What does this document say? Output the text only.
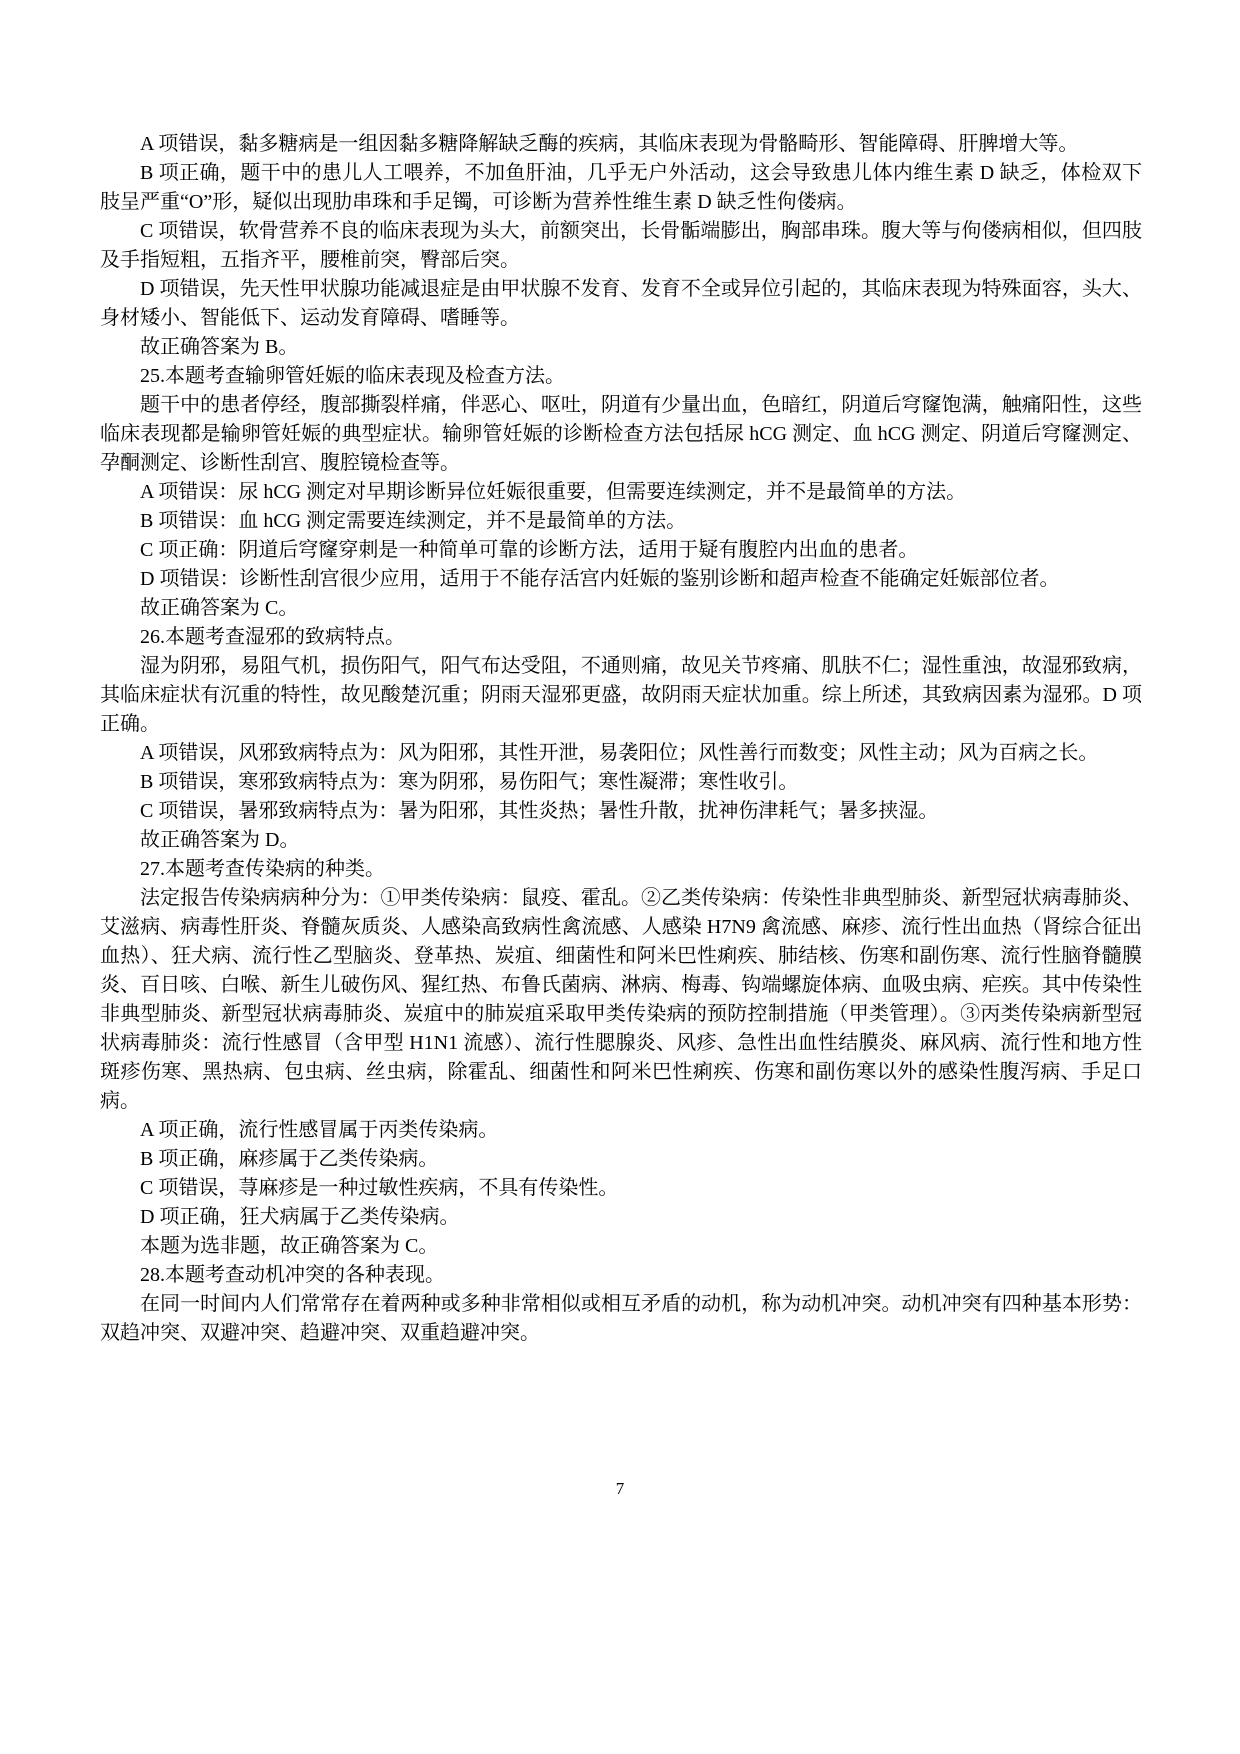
A 项错误，黏多糖病是一组因黏多糖降解缺乏酶的疾病，其临床表现为骨骼畸形、智能障碍、肝脾增大等。

B 项正确，题干中的患儿人工喂养，不加鱼肝油，几乎无户外活动，这会导致患儿体内维生素 D 缺乏，体检双下肢呈严重“O”形，疑似出现肋串珠和手足镯，可诊断为营养性维生素 D 缺乏性佝偻病。

C 项错误，软骨营养不良的临床表现为头大，前额突出，长骨骺端膨出，胸部串珠。腹大等与佝偻病相似，但四肢及手指短粗，五指齐平，腰椎前突，臀部后突。

D 项错误，先天性甲状腺功能减退症是由甲状腺不发育、发育不全或异位引起的，其临床表现为特殊面容，头大、身材矮小、智能低下、运动发育障碍、嗜睡等。

故正确答案为 B。

25.本题考查输卵管妊娠的临床表现及检查方法。

题干中的患者停经，腹部撕裂样痛，伴恶心、呕吐，阴道有少量出血，色暗红，阴道后穹窿饱满，触痛阳性，这些临床表现都是输卵管妊娠的典型症状。输卵管妊娠的诊断检查方法包括尿 hCG 测定、血 hCG 测定、阴道后穹窿测定、孕酮测定、诊断性刮宫、腹腔镜检查等。

A 项错误：尿 hCG 测定对早期诊断异位妊娠很重要，但需要连续测定，并不是最简单的方法。

B 项错误：血 hCG 测定需要连续测定，并不是最简单的方法。

C 项正确：阴道后穹窿穿刺是一种简单可靠的诊断方法，适用于疑有腹腔内出血的患者。

D 项错误：诊断性刮宫很少应用，适用于不能存活宫内妊娠的鉴别诊断和超声检查不能确定妊娠部位者。

故正确答案为 C。

26.本题考查湿邪的致病特点。

湿为阴邪，易阻气机，损伤阳气，阳气布达受阻，不通则痛，故见关节疼痛、肌肤不仁；湿性重浊，故湿邪致病，其临床症状有沉重的特性，故见酸楚沉重；阴雨天湿邪更盛，故阴雨天症状加重。综上所述，其致病因素为湿邪。D 项正确。

A 项错误，风邪致病特点为：风为阳邪，其性开泄，易袭阳位；风性善行而数变；风性主动；风为百病之长。

B 项错误，寒邪致病特点为：寒为阴邪，易伤阳气；寒性凝滞；寒性收引。

C 项错误，暑邪致病特点为：暑为阳邪，其性炎热；暑性升散，扰神伤津耗气；暑多挟湿。

故正确答案为 D。

27.本题考查传染病的种类。

法定报告传染病病种分为：①甲类传染病：鼠疫、霍乱。②乙类传染病：传染性非典型肺炎、新型冠状病毒肺炎、艾滋病、病毒性肝炎、脊髓灰质炎、人感染高致病性禽流感、人感染 H7N9 禽流感、麻疹、流行性出血热（肾综合征出血热）、狂犬病、流行性乙型脑炎、登革热、炭疽、细菌性和阿米巴性痢疾、肺结核、伤寒和副伤寒、流行性脑脊髓膜炎、百日咳、白喉、新生儿破伤风、猩红热、布鲁氏菌病、淋病、梅毒、钩端螺旋体病、血吸虫病、疟疾。其中传染性非典型肺炎、新型冠状病毒肺炎、炭疽中的肺炭疽采取甲类传染病的预防控制措施（甲类管理）。③丙类传染病新型冠状病毒肺炎：流行性感冒（含甲型 H1N1 流感）、流行性腮腺炎、风疹、急性出血性结膜炎、麻风病、流行性和地方性斑疹伤寒、黑热病、包虫病、丝虫病，除霍乱、细菌性和阿米巴性痢疾、伤寒和副伤寒以外的感染性腹泻病、手足口病。

A 项正确，流行性感冒属于丙类传染病。

B 项正确，麻疹属于乙类传染病。

C 项错误，荨麻疹是一种过敏性疾病，不具有传染性。

D 项正确，狂犬病属于乙类传染病。

本题为选非题，故正确答案为 C。

28.本题考查动机冲突的各种表现。

在同一时间内人们常常存在着两种或多种非常相似或相互矛盾的动机，称为动机冲突。动机冲突有四种基本形势：双趋冲突、双避冲突、趋避冲突、双重趋避冲突。

7
